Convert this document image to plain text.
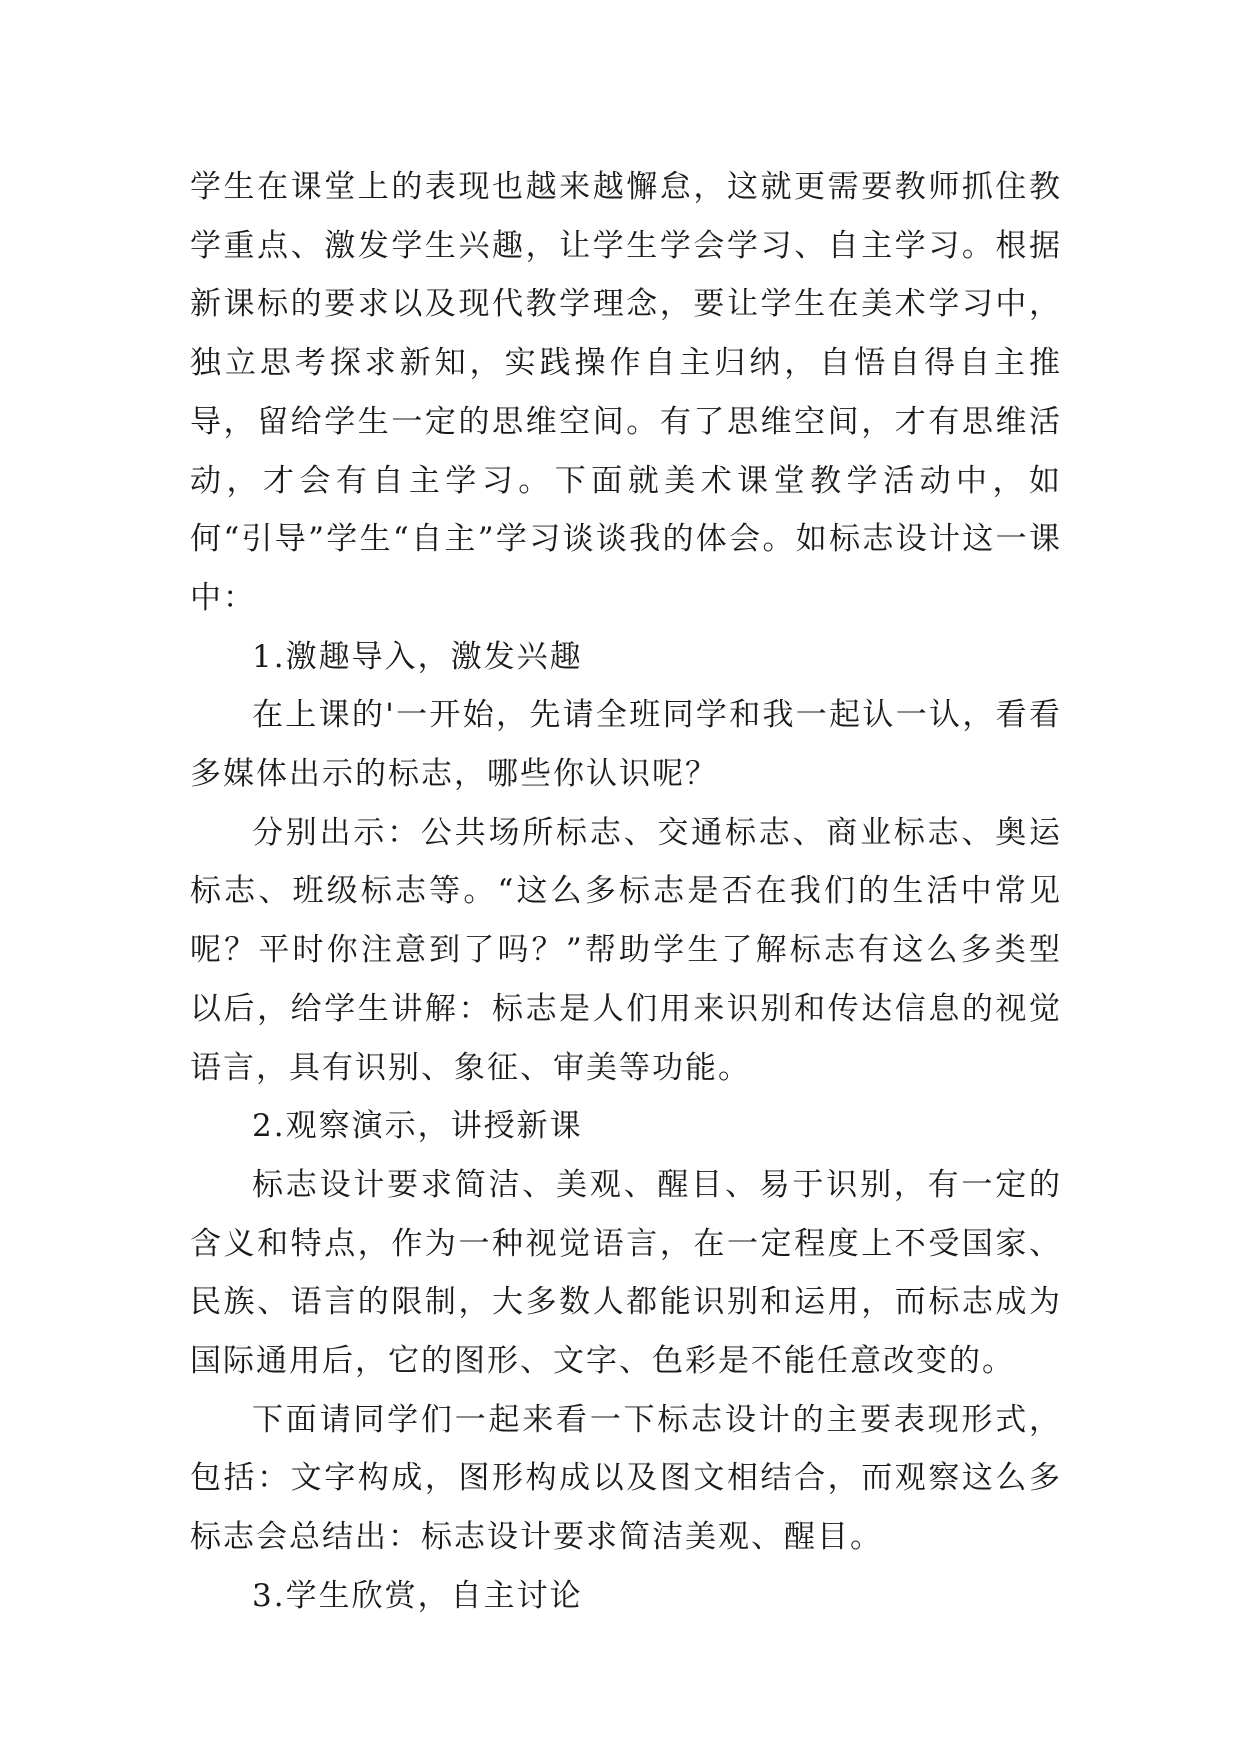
学生在课堂上的表现也越来越懈怠，这就更需要教师抓住教学重点、激发学生兴趣，让学生学会学习、自主学习。根据新课标的要求以及现代教学理念，要让学生在美术学习中，独立思考探求新知，实践操作自主归纳，自悟自得自主推导，留给学生一定的思维空间。有了思维空间，才有思维活动，才会有自主学习。下面就美术课堂教学活动中，如何“引导”学生“自主”学习谈谈我的体会。如标志设计这一课中：

1.激趣导入，激发兴趣

在上课的'一开始，先请全班同学和我一起认一认，看看多媒体出示的标志，哪些你认识呢？

分别出示：公共场所标志、交通标志、商业标志、奥运标志、班级标志等。“这么多标志是否在我们的生活中常见呢？平时你注意到了吗？”帮助学生了解标志有这么多类型以后，给学生讲解：标志是人们用来识别和传达信息的视觉语言，具有识别、象征、审美等功能。

2.观察演示，讲授新课

标志设计要求简洁、美观、醒目、易于识别，有一定的含义和特点，作为一种视觉语言，在一定程度上不受国家、民族、语言的限制，大多数人都能识别和运用，而标志成为国际通用后，它的图形、文字、色彩是不能任意改变的。

下面请同学们一起来看一下标志设计的主要表现形式，包括：文字构成，图形构成以及图文相结合，而观察这么多标志会总结出：标志设计要求简洁美观、醒目。

3.学生欣赏，自主讨论
